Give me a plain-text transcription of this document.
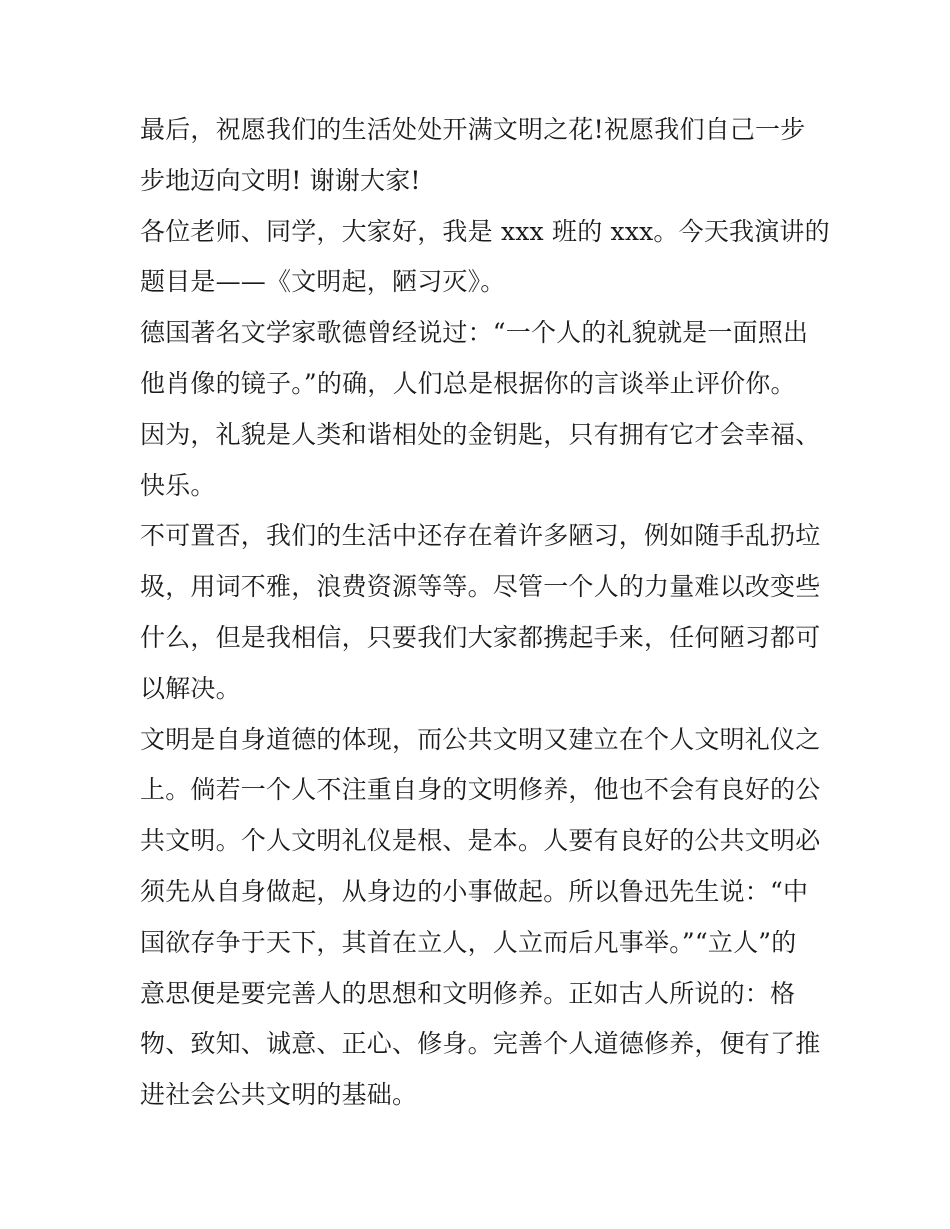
最后，祝愿我们的生活处处开满文明之花!祝愿我们自己一步
步地迈向文明! 谢谢大家!
各位老师、同学，大家好，我是 xxx 班的 xxx。今天我演讲的
题目是——《文明起，陋习灭》。
德国著名文学家歌德曾经说过：“一个人的礼貌就是一面照出
他肖像的镜子。”的确，人们总是根据你的言谈举止评价你。
因为，礼貌是人类和谐相处的金钥匙，只有拥有它才会幸福、
快乐。
不可置否，我们的生活中还存在着许多陋习，例如随手乱扔垃
圾，用词不雅，浪费资源等等。尽管一个人的力量难以改变些
什么，但是我相信，只要我们大家都携起手来，任何陋习都可
以解决。
文明是自身道德的体现，而公共文明又建立在个人文明礼仪之
上。倘若一个人不注重自身的文明修养，他也不会有良好的公
共文明。个人文明礼仪是根、是本。人要有良好的公共文明必
须先从自身做起，从身边的小事做起。所以鲁迅先生说：“中
国欲存争于天下，其首在立人，人立而后凡事举。”“立人”的
意思便是要完善人的思想和文明修养。正如古人所说的：格
物、致知、诚意、正心、修身。完善个人道德修养，便有了推
进社会公共文明的基础。
